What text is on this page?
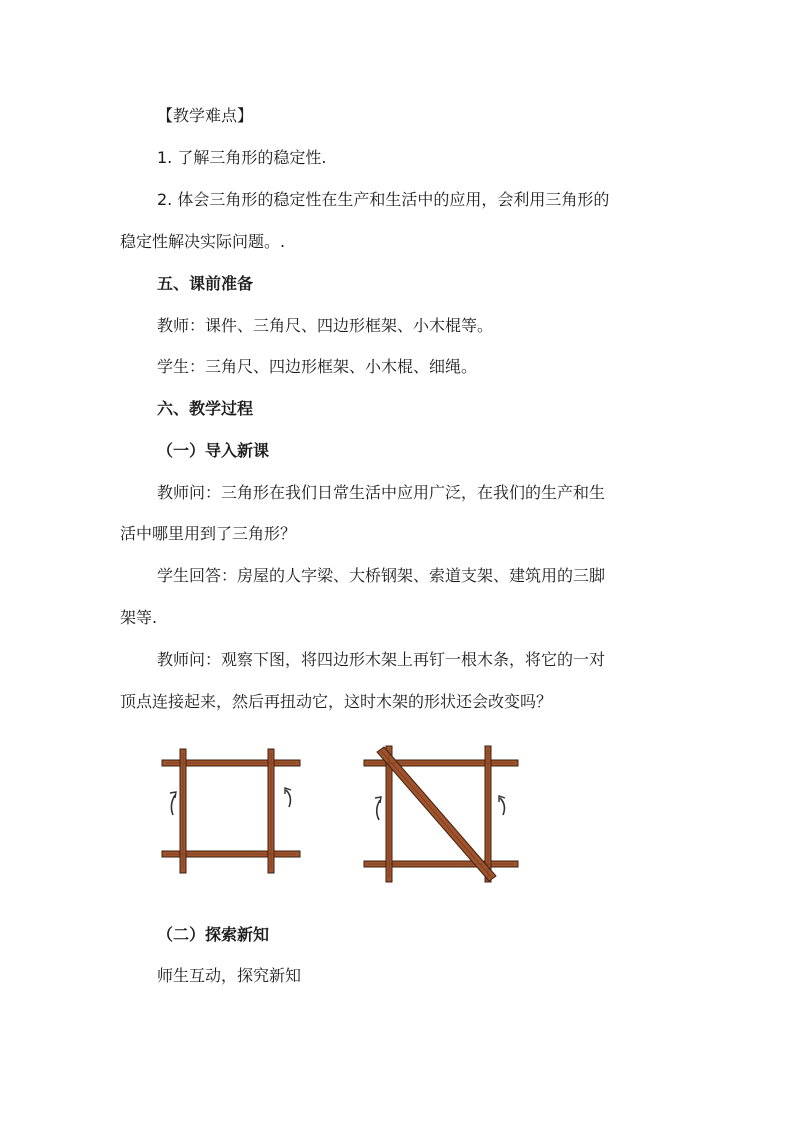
【教学难点】
1. 了解三角形的稳定性.
2. 体会三角形的稳定性在生产和生活中的应用，会利用三角形的
稳定性解决实际问题。.
五、课前准备
教师：课件、三角尺、四边形框架、小木棍等。
学生：三角尺、四边形框架、小木棍、细绳。
六、教学过程
（一）导入新课
教师问：三角形在我们日常生活中应用广泛，在我们的生产和生
活中哪里用到了三角形？
学生回答：房屋的人字梁、大桥钢架、索道支架、建筑用的三脚
架等.
教师问：观察下图，将四边形木架上再钉一根木条，将它的一对
顶点连接起来，然后再扭动它，这时木架的形状还会改变吗？
（二）探索新知
师生互动，探究新知
